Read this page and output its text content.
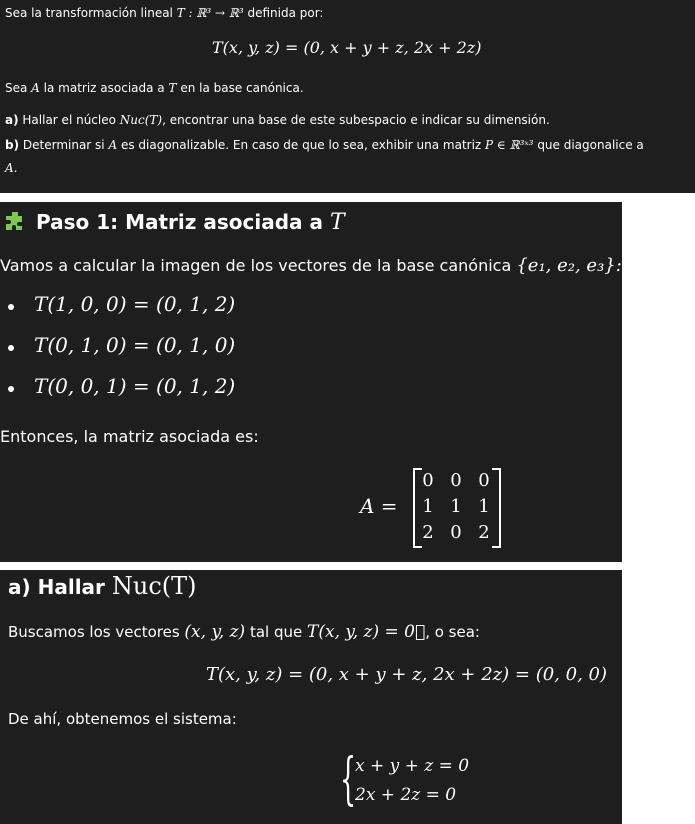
Sea la transformación lineal T : ℝ³ → ℝ³ definida por:
T(x, y, z) = (0, x + y + z, 2x + 2z)
Sea A la matriz asociada a T en la base canónica.
a) Hallar el núcleo Nuc(T), encontrar una base de este subespacio e indicar su dimensión.
b) Determinar si A es diagonalizable. En caso de que lo sea, exhibir una matriz P ∈ ℝ³ˣ³ que diagonalice a
A.
Paso 1: Matriz asociada a T
Vamos a calcular la imagen de los vectores de la base canónica {e₁, e₂, e₃}:
T(1, 0, 0) = (0, 1, 2)
T(0, 1, 0) = (0, 1, 0)
T(0, 0, 1) = (0, 1, 2)
Entonces, la matriz asociada es:
A =
0 0 0
1 1 1
2 0 2
a) Hallar Nuc(T)
Buscamos los vectores (x, y, z) tal que T(x, y, z) = 0⃗, o sea:
T(x, y, z) = (0, x + y + z, 2x + 2z) = (0, 0, 0)
De ahí, obtenemos el sistema:
{
x + y + z = 0
2x + 2z = 0
